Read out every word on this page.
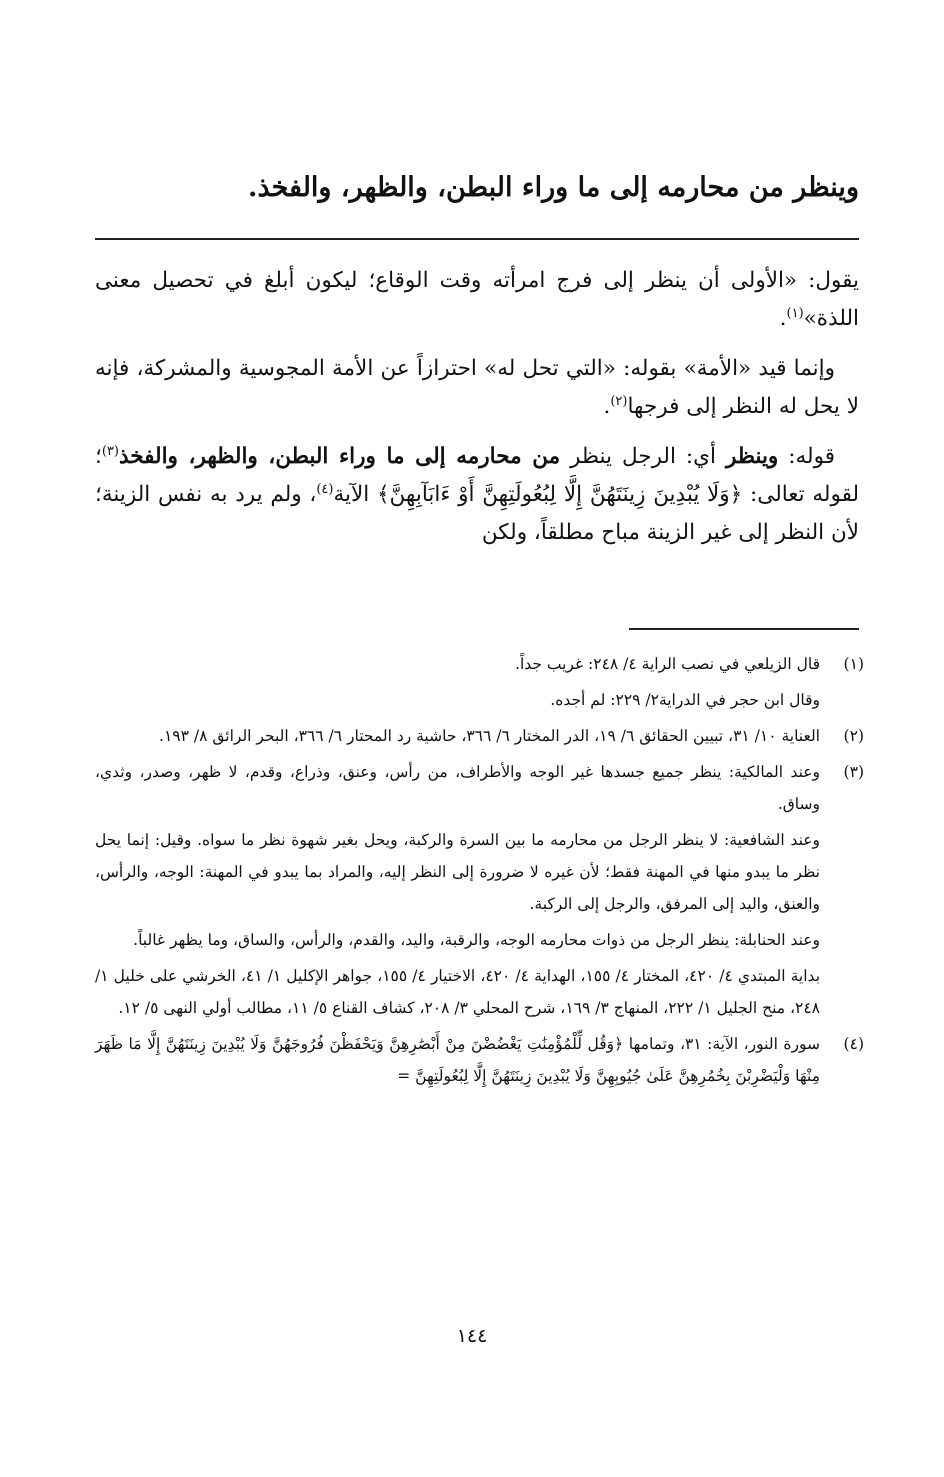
وينظر من محارمه إلى ما وراء البطن، والظهر، والفخذ.

يقول: «الأولى أن ينظر إلى فرج امرأته وقت الوقاع؛ ليكون أبلغ في تحصيل معنى اللذة»$^{(١)}$.

وإنما قيد «الأمة» بقوله: «التي تحل له» احترازاً عن الأمة المجوسية والمشركة، فإنه لا يحل له النظر إلى فرجها$^{(٢)}$.

قوله: وينظر أي: الرجل ينظر من محارمه إلى ما وراء البطن، والظهر، والفخذ$^{(٣)}$؛ لقوله تعالى: ﴿وَلَا يُبْدِينَ زِينَتَهُنَّ إِلَّا لِبُعُولَتِهِنَّ أَوْ ءَابَآبِهِنَّ﴾ الآية$^{(٤)}$، ولم يرد به نفس الزينة؛ لأن النظر إلى غير الزينة مباح مطلقاً، ولكن

(١)

قال الزيلعي في نصب الراية ٤/ ٢٤٨: غريب جداً.

وقال ابن حجر في الدراية٢/ ٢٢٩: لم أجده.

(٢)

العناية ١٠/ ٣١، تبيين الحقائق ٦/ ١٩، الدر المختار ٦/ ٣٦٦، حاشية رد المحتار ٦/ ٣٦٦، البحر الرائق ٨/ ١٩٣.

(٣)

وعند المالكية: ينظر جميع جسدها غير الوجه والأطراف، من رأس، وعنق، وذراع، وقدم، لا ظهر، وصدر، وثدي، وساق.

وعند الشافعية: لا ينظر الرجل من محارمه ما بين السرة والركبة، ويحل بغير شهوة نظر ما سواه. وقيل: إنما يحل نظر ما يبدو منها في المهنة فقط؛ لأن غيره لا ضرورة إلى النظر إليه، والمراد بما يبدو في المهنة: الوجه، والرأس، والعنق، واليد إلى المرفق، والرجل إلى الركبة.

وعند الحنابلة: ينظر الرجل من ذوات محارمه الوجه، والرقبة، واليد، والقدم، والرأس، والساق، وما يظهر غالباً.

بداية المبتدي ٤/ ٤٢٠، المختار ٤/ ١٥٥، الهداية ٤/ ٤٢٠، الاختيار ٤/ ١٥٥، جواهر الإكليل ١/ ٤١، الخرشي على خليل ١/ ٢٤٨، منح الجليل ١/ ٢٢٢، المنهاج ٣/ ١٦٩، شرح المحلي ٣/ ٢٠٨، كشاف القناع ٥/ ١١، مطالب أولي النهى ٥/ ١٢.

(٤)

سورة النور، الآية: ٣١، وتمامها ﴿وَقُل لِّلْمُؤْمِنَٰتِ يَغْضُضْنَ مِنْ أَبْصَٰرِهِنَّ وَيَحْفَظْنَ فُرُوجَهُنَّ وَلَا يُبْدِينَ زِينَتَهُنَّ إِلَّا مَا ظَهَرَ مِنْهَا وَلْيَضْرِبْنَ بِخُمُرِهِنَّ عَلَىٰ جُيُوبِهِنَّ وَلَا يُبْدِينَ زِينَتَهُنَّ إِلَّا لِبُعُولَتِهِنَّ =

١٤٤
